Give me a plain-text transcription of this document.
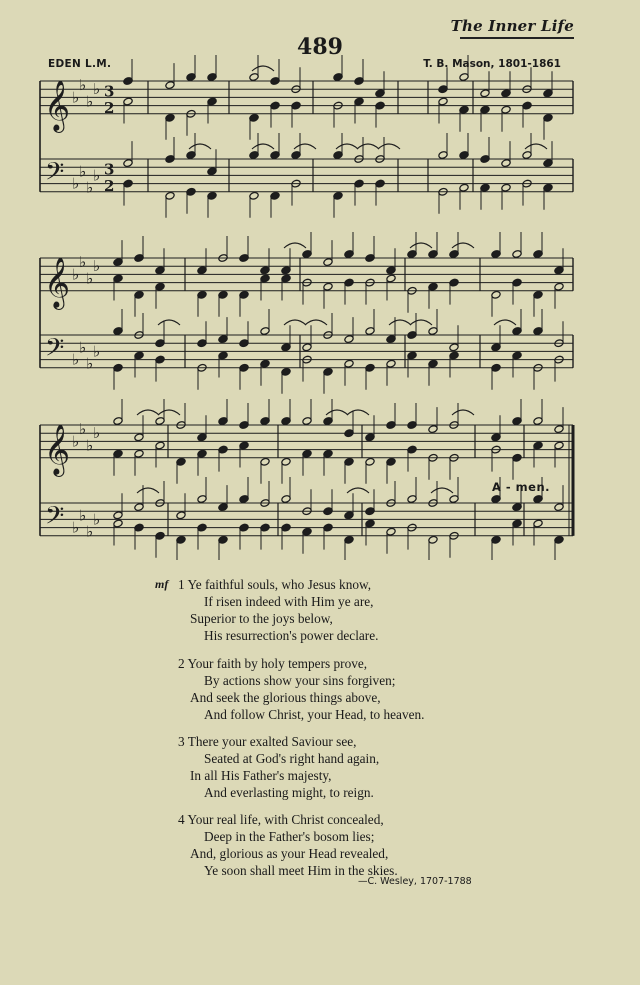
The Inner Life
489
EDEN L.M.	T. B. Mason, 1801-1861
𝄞 ♭
♭
♭
♭ 3
2
𝄢 ♭
♭
♭
♭ 3
2
𝄞 ♭
♭
♭
♭
𝄢 ♭
♭
♭
♭
𝄞 ♭
♭
♭
♭
𝄢 ♭
♭
♭
♭
A - men.
mf 1 Ye faithful souls, who Jesus know,
If risen indeed with Him ye are,
Superior to the joys below,
His resurrection's power declare.
2 Your faith by holy tempers prove,
By actions show your sins forgiven;
And seek the glorious things above,
And follow Christ, your Head, to heaven.
3 There your exalted Saviour see,
Seated at God's right hand again,
In all His Father's majesty,
And everlasting might, to reign.
4 Your real life, with Christ concealed,
Deep in the Father's bosom lies;
And, glorious as your Head revealed,
Ye soon shall meet Him in the skies.
—C. Wesley, 1707-1788
